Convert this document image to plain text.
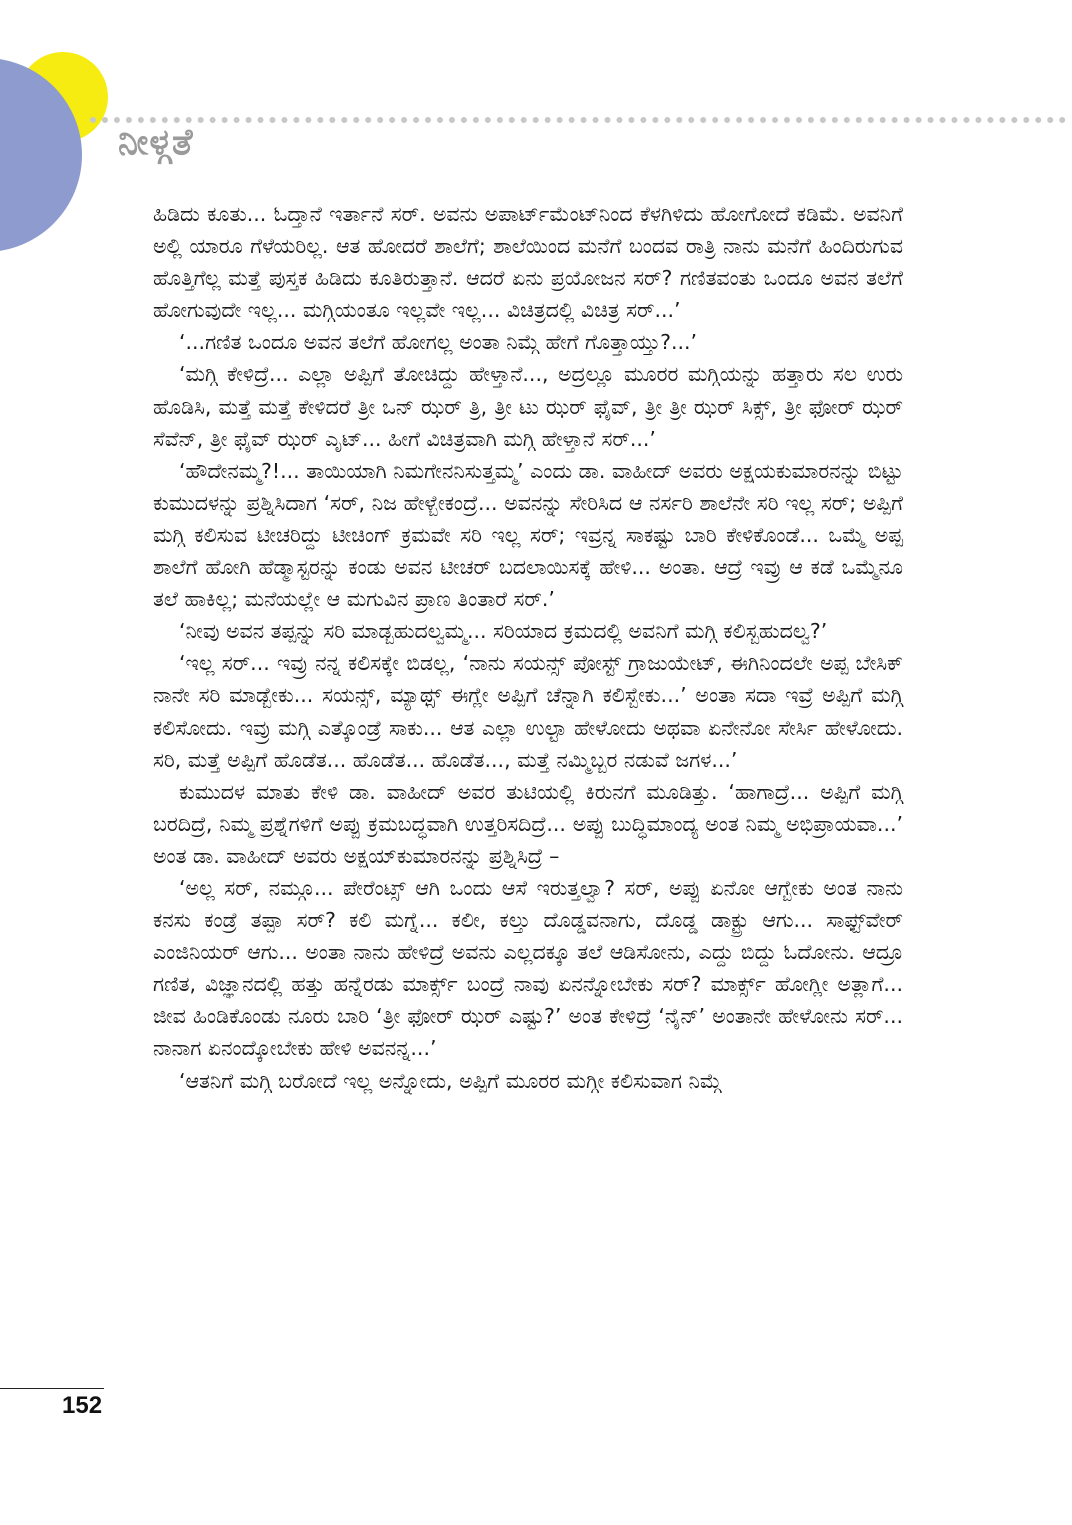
ನೀಳ್ಗತೆ

ಹಿಡಿದು ಕೂತು... ಓದ್ತಾನೆ ಇರ್ತಾನೆ ಸರ್. ಅವನು ಅಪಾರ್ಟ್‌ಮೆಂಟ್‌ನಿಂದ ಕೆಳಗಿಳಿದು ಹೋಗೋದೆ ಕಡಿಮೆ. ಅವನಿಗೆ ಅಲ್ಲಿ ಯಾರೂ ಗೆಳೆಯರಿಲ್ಲ. ಆತ ಹೋದರೆ ಶಾಲೆಗೆ; ಶಾಲೆಯಿಂದ ಮನೆಗೆ ಬಂದವ ರಾತ್ರಿ ನಾನು ಮನೆಗೆ ಹಿಂದಿರುಗುವ ಹೊತ್ತಿಗೆಲ್ಲ ಮತ್ತೆ ಪುಸ್ತಕ ಹಿಡಿದು ಕೂತಿರುತ್ತಾನೆ. ಆದರೆ ಏನು ಪ್ರಯೋಜನ ಸರ್? ಗಣಿತವಂತು ಒಂದೂ ಅವನ ತಲೆಗೆ ಹೋಗುವುದೇ ಇಲ್ಲ... ಮಗ್ಗಿಯಂತೂ ಇಲ್ಲವೇ ಇಲ್ಲ... ವಿಚಿತ್ರದಲ್ಲಿ ವಿಚಿತ್ರ ಸರ್...’

‘...ಗಣಿತ ಒಂದೂ ಅವನ ತಲೆಗೆ ಹೋಗಲ್ಲ ಅಂತಾ ನಿಮ್ಗೆ ಹೇಗೆ ಗೊತ್ತಾಯ್ತು?...’

‘ಮಗ್ಗಿ ಕೇಳಿದ್ರೆ... ಎಲ್ಲಾ ಅಪ್ಪಿಗೆ ತೋಚಿದ್ದು ಹೇಳ್ತಾನೆ..., ಅದ್ರಲ್ಲೂ ಮೂರರ ಮಗ್ಗಿಯನ್ನು ಹತ್ತಾರು ಸಲ ಉರು ಹೊಡಿಸಿ, ಮತ್ತೆ ಮತ್ತೆ ಕೇಳಿದರೆ ತ್ರೀ ಒನ್ ಝರ್ ತ್ರಿ, ತ್ರೀ ಟು ಝರ್ ಫೈವ್, ತ್ರೀ ತ್ರೀ ಝರ್ ಸಿಕ್ಸ್, ತ್ರೀ ಫೋರ್ ಝರ್ ಸೆವೆನ್, ತ್ರೀ ಫೈವ್ ಝರ್ ಎೃಟ್... ಹೀಗೆ ವಿಚಿತ್ರವಾಗಿ ಮಗ್ಗಿ ಹೇಳ್ತಾನೆ ಸರ್...’

‘ಹೌದೇನಮ್ಮ?!... ತಾಯಿಯಾಗಿ ನಿಮಗೇನನಿಸುತ್ತಮ್ಮ’ ಎಂದು ಡಾ. ವಾಹೀದ್ ಅವರು ಅಕ್ಷಯಕುಮಾರನನ್ನು ಬಿಟ್ಟು ಕುಮುದಳನ್ನು ಪ್ರಶ್ನಿಸಿದಾಗ ‘ಸರ್, ನಿಜ ಹೇಳ್ಬೇಕಂದ್ರೆ... ಅವನನ್ನು ಸೇರಿಸಿದ ಆ ನರ್ಸರಿ ಶಾಲೆನೇ ಸರಿ ಇಲ್ಲ ಸರ್; ಅಪ್ಪಿಗೆ ಮಗ್ಗಿ ಕಲಿಸುವ ಟೀಚರಿದ್ದು ಟೀಚಿಂಗ್ ಕ್ರಮವೇ ಸರಿ ಇಲ್ಲ ಸರ್; ಇವ್ರನ್ನ ಸಾಕಷ್ಟು ಬಾರಿ ಕೇಳಿಕೊಂಡೆ... ಒಮ್ಮೆ ಅಪ್ಪ ಶಾಲೆಗೆ ಹೋಗಿ ಹೆಡ್ಮಾಸ್ಟರನ್ನು ಕಂಡು ಅವನ ಟೀಚರ್ ಬದಲಾಯಿಸಕ್ಕೆ ಹೇಳಿ... ಅಂತಾ. ಆದ್ರೆ ಇವ್ರು ಆ ಕಡೆ ಒಮ್ಮೆನೂ ತಲೆ ಹಾಕಿಲ್ಲ; ಮನೆಯಲ್ಲೇ ಆ ಮಗುವಿನ ಪ್ರಾಣ ತಿಂತಾರೆ ಸರ್.’

‘ನೀವು ಅವನ ತಪ್ಪನ್ನು ಸರಿ ಮಾಡ್ಬಹುದಲ್ವಮ್ಮ... ಸರಿಯಾದ ಕ್ರಮದಲ್ಲಿ ಅವನಿಗೆ ಮಗ್ಗಿ ಕಲಿಸ್ಬಹುದಲ್ವ?’

‘ಇಲ್ಲ ಸರ್... ಇವ್ರು ನನ್ನ ಕಲಿಸಕ್ಕೇ ಬಿಡಲ್ಲ, ‘ನಾನು ಸಯನ್ಸ್ ಪೋಸ್ಟ್ ಗ್ರಾಜುಯೇಟ್, ಈಗಿನಿಂದಲೇ ಅಪ್ಪ ಬೇಸಿಕ್ ನಾನೇ ಸರಿ ಮಾಡ್ಬೇಕು... ಸಯನ್ಸ್, ಮ್ಯಾಥ್ಸ್ ಈಗ್ಲೇ ಅಪ್ಪಿಗೆ ಚೆನ್ನಾಗಿ ಕಲಿಸ್ಬೇಕು...’ ಅಂತಾ ಸದಾ ಇವ್ರೆ ಅಪ್ಪಿಗೆ ಮಗ್ಗಿ ಕಲಿಸೋದು. ಇವ್ರು ಮಗ್ಗಿ ಎತ್ಕೊಂಡ್ರೆ ಸಾಕು... ಆತ ಎಲ್ಲಾ ಉಲ್ಟಾ ಹೇಳೋದು ಅಥವಾ ಏನೇನೋ ಸೇರ್ಸಿ ಹೇಳೋದು. ಸರಿ, ಮತ್ತೆ ಅಪ್ಪಿಗೆ ಹೊಡೆತ... ಹೊಡೆತ... ಹೊಡೆತ..., ಮತ್ತೆ ನಮ್ಮಿಬ್ಬರ ನಡುವೆ ಜಗಳ...’

ಕುಮುದಳ ಮಾತು ಕೇಳಿ ಡಾ. ವಾಹೀದ್ ಅವರ ತುಟಿಯಲ್ಲಿ ಕಿರುನಗೆ ಮೂಡಿತ್ತು. ‘ಹಾಗಾದ್ರೆ... ಅಪ್ಪಿಗೆ ಮಗ್ಗಿ ಬರದಿದ್ರೆ, ನಿಮ್ಮ ಪ್ರಶ್ನೆಗಳಿಗೆ ಅಪ್ಪು ಕ್ರಮಬದ್ಧವಾಗಿ ಉತ್ತರಿಸದಿದ್ರೆ... ಅಪ್ಪು ಬುದ್ಧಿಮಾಂದ್ಯ ಅಂತ ನಿಮ್ಮ ಅಭಿಪ್ರಾಯವಾ...’ ಅಂತ ಡಾ. ವಾಹೀದ್ ಅವರು ಅಕ್ಷಯ್‌ಕುಮಾರನನ್ನು ಪ್ರಶ್ನಿಸಿದ್ರೆ –

‘ಅಲ್ಲ ಸರ್, ನಮ್ಗೂ... ಪೇರೆಂಟ್ಸ್ ಆಗಿ ಒಂದು ಆಸೆ ಇರುತ್ತಲ್ವಾ? ಸರ್, ಅಪ್ಪು ಏನೋ ಆಗ್ಬೇಕು ಅಂತ ನಾನು ಕನಸು ಕಂಡ್ರೆ ತಪ್ಪಾ ಸರ್? ಕಲಿ ಮಗ್ನೆ... ಕಲೀ, ಕಲ್ತು ದೊಡ್ಡವನಾಗು, ದೊಡ್ಡ ಡಾಕ್ಟ್ರು ಆಗು... ಸಾಫ್ಟ್‌ವೇರ್ ಎಂಜಿನಿಯರ್ ಆಗು... ಅಂತಾ ನಾನು ಹೇಳಿದ್ರೆ ಅವನು ಎಲ್ಲದಕ್ಕೂ ತಲೆ ಆಡಿಸೋನು, ಎದ್ದು ಬಿದ್ದು ಓದೋನು. ಆದ್ರೂ ಗಣಿತ, ವಿಜ್ಞಾನದಲ್ಲಿ ಹತ್ತು ಹನ್ನೆರಡು ಮಾರ್ಕ್ಸ್ ಬಂದ್ರೆ ನಾವು ಏನನ್ನೋಬೇಕು ಸರ್? ಮಾರ್ಕ್ಸ್ ಹೋಗ್ಲೀ ಅತ್ಲಾಗೆ... ಜೀವ ಹಿಂಡಿಕೊಂಡು ನೂರು ಬಾರಿ ‘ತ್ರೀ ಫೋರ್ ಝರ್ ಎಷ್ಟು?’ ಅಂತ ಕೇಳಿದ್ರೆ ‘ನೈನ್’ ಅಂತಾನೇ ಹೇಳೋನು ಸರ್... ನಾನಾಗ ಏನಂದ್ಕೋಬೇಕು ಹೇಳಿ ಅವನನ್ನ...’

‘ಆತನಿಗೆ ಮಗ್ಗಿ ಬರೋದೆ ಇಲ್ಲ ಅನ್ನೋದು, ಅಪ್ಪಿಗೆ ಮೂರರ ಮಗ್ಗೀ ಕಲಿಸುವಾಗ ನಿಮ್ಗೆ

152
